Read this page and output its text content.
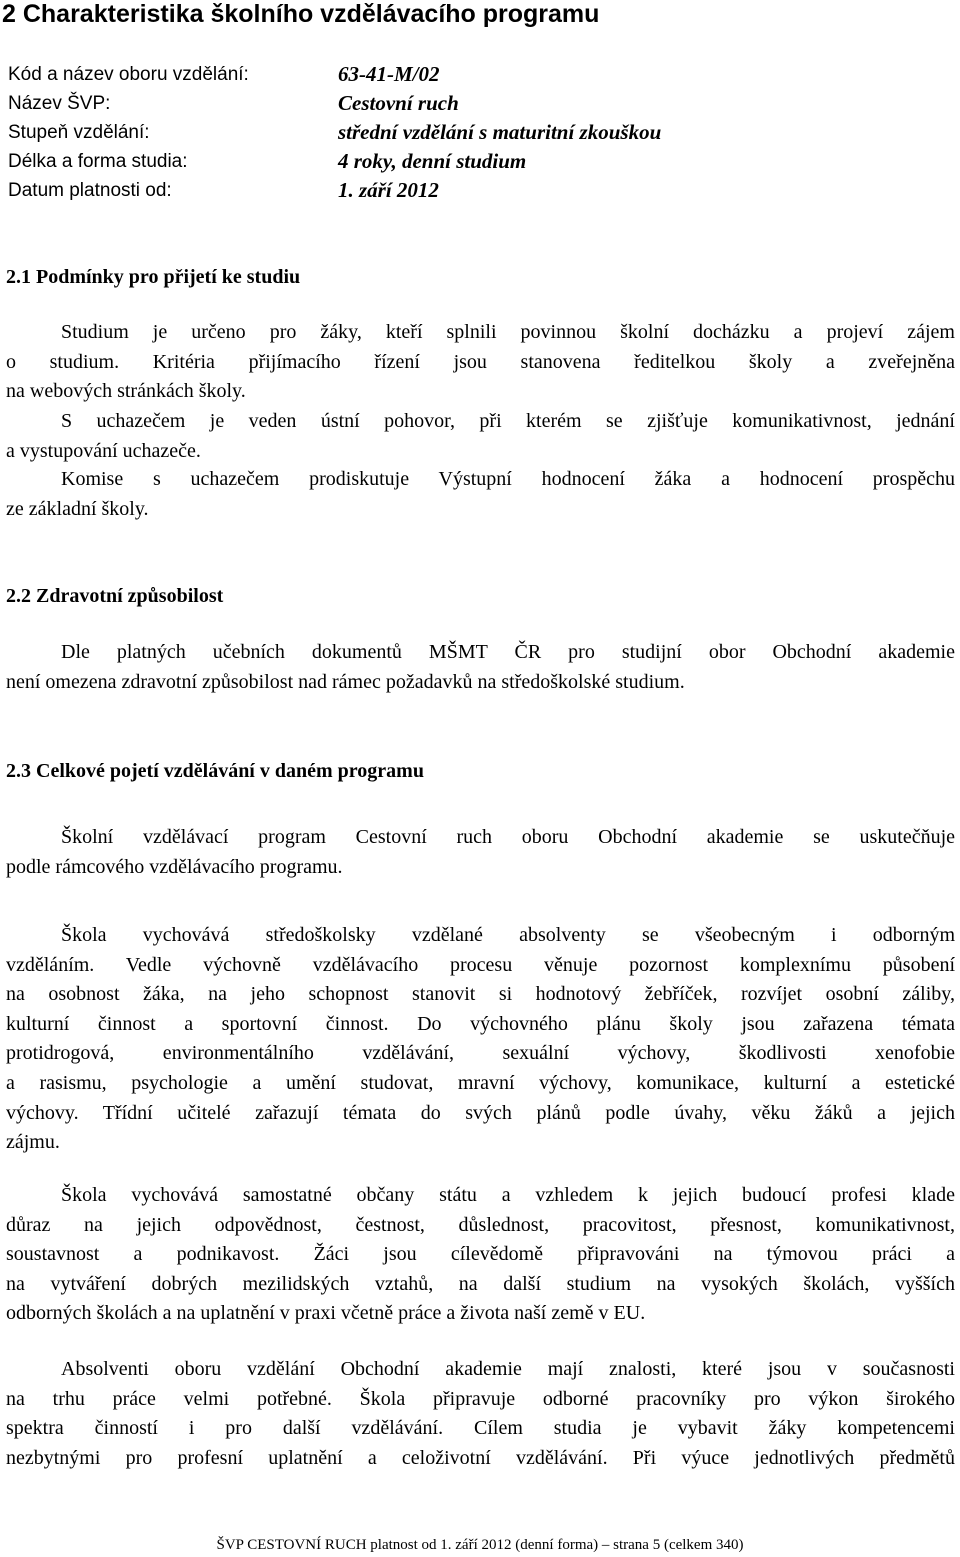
2 Charakteristika školního vzdělávacího programu
Kód a název oboru vzdělání:	63-41-M/02
Název ŠVP:	Cestovní ruch
Stupeň vzdělání:	střední vzdělání s maturitní zkouškou
Délka a forma studia:	4 roky, denní studium
Datum platnosti od:	1. září 2012
2.1 Podmínky pro přijetí ke studiu
Studium je určeno pro žáky, kteří splnili povinnou školní docházku a projeví zájem
o studium. Kritéria přijímacího řízení jsou stanovena ředitelkou školy a zveřejněna
na webových stránkách školy.
S uchazečem je veden ústní pohovor, při kterém se zjišťuje komunikativnost, jednání
a vystupování uchazeče.
Komise s uchazečem prodiskutuje Výstupní hodnocení žáka a hodnocení prospěchu
ze základní školy.
2.2 Zdravotní způsobilost
Dle platných učebních dokumentů MŠMT ČR pro studijní obor Obchodní akademie
není omezena zdravotní způsobilost nad rámec požadavků na středoškolské studium.
2.3 Celkové pojetí vzdělávání v daném programu
Školní vzdělávací program Cestovní ruch oboru Obchodní akademie se uskutečňuje
podle rámcového vzdělávacího programu.
Škola vychovává středoškolsky vzdělané absolventy se všeobecným i odborným
vzděláním. Vedle výchovně vzdělávacího procesu věnuje pozornost komplexnímu působení
na osobnost žáka, na jeho schopnost stanovit si hodnotový žebříček, rozvíjet osobní záliby,
kulturní činnost a sportovní činnost. Do výchovného plánu školy jsou zařazena témata
protidrogová, environmentálního vzdělávání, sexuální výchovy, škodlivosti xenofobie
a rasismu, psychologie a umění studovat, mravní výchovy, komunikace, kulturní a estetické
výchovy. Třídní učitelé zařazují témata do svých plánů podle úvahy, věku žáků a jejich
zájmu.
Škola vychovává samostatné občany státu a vzhledem k jejich budoucí profesi klade
důraz na jejich odpovědnost, čestnost, důslednost, pracovitost, přesnost, komunikativnost,
soustavnost a podnikavost. Žáci jsou cílevědomě připravováni na týmovou práci a
na vytváření dobrých mezilidských vztahů, na další studium na vysokých školách, vyšších
odborných školách a na uplatnění v praxi včetně práce a života naší země v EU.
Absolventi oboru vzdělání Obchodní akademie mají znalosti, které jsou v současnosti
na trhu práce velmi potřebné. Škola připravuje odborné pracovníky pro výkon širokého
spektra činností i pro další vzdělávání. Cílem studia je vybavit žáky kompetencemi
nezbytnými pro profesní uplatnění a celoživotní vzdělávání. Při výuce jednotlivých předmětů
ŠVP CESTOVNÍ RUCH platnost od 1. září 2012 (denní forma) – strana 5 (celkem 340)
